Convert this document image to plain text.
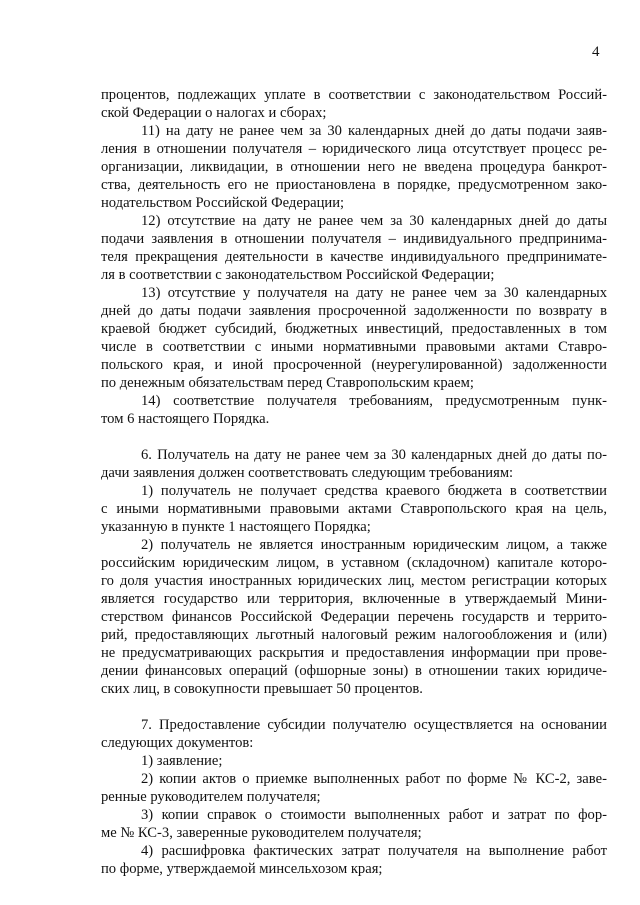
4
процентов, подлежащих уплате в соответствии с законодательством Россий-
ской Федерации о налогах и сборах;
11) на дату не ранее чем за 30 календарных дней до даты подачи заяв-
ления в отношении получателя – юридического лица отсутствует процесс ре-
организации, ликвидации, в отношении него не введена процедура банкрот-
ства, деятельность его не приостановлена в порядке, предусмотренном зако-
нодательством Российской Федерации;
12) отсутствие на дату не ранее чем за 30 календарных дней до даты
подачи заявления в отношении получателя – индивидуального предпринима-
теля прекращения деятельности в качестве индивидуального предпринимате-
ля в соответствии с законодательством Российской Федерации;
13) отсутствие у получателя на дату не ранее чем за 30 календарных
дней до даты подачи заявления просроченной задолженности по возврату в
краевой бюджет субсидий, бюджетных инвестиций, предоставленных в том
числе в соответствии с иными нормативными правовыми актами Ставро-
польского края, и иной просроченной (неурегулированной) задолженности
по денежным обязательствам перед Ставропольским краем;
14) соответствие получателя требованиям, предусмотренным пунк-
том 6 настоящего Порядка.
6. Получатель на дату не ранее чем за 30 календарных дней до даты по-
дачи заявления должен соответствовать следующим требованиям:
1) получатель не получает средства краевого бюджета в соответствии
с иными нормативными правовыми актами Ставропольского края на цель,
указанную в пункте 1 настоящего Порядка;
2) получатель не является иностранным юридическим лицом, а также
российским юридическим лицом, в уставном (складочном) капитале которо-
го доля участия иностранных юридических лиц, местом регистрации которых
является государство или территория, включенные в утверждаемый Мини-
стерством финансов Российской Федерации перечень государств и террито-
рий, предоставляющих льготный налоговый режим налогообложения и (или)
не предусматривающих раскрытия и предоставления информации при прове-
дении финансовых операций (офшорные зоны) в отношении таких юридиче-
ских лиц, в совокупности превышает 50 процентов.
7. Предоставление субсидии получателю осуществляется на основании
следующих документов:
1) заявление;
2) копии актов о приемке выполненных работ по форме № КС-2, завe-
ренные руководителем получателя;
3) копии справок о стоимости выполненных работ и затрат по фор-
ме № КС-3, заверенные руководителем получателя;
4) расшифровка фактических затрат получателя на выполнение работ
по форме, утверждаемой минсельхозом края;
